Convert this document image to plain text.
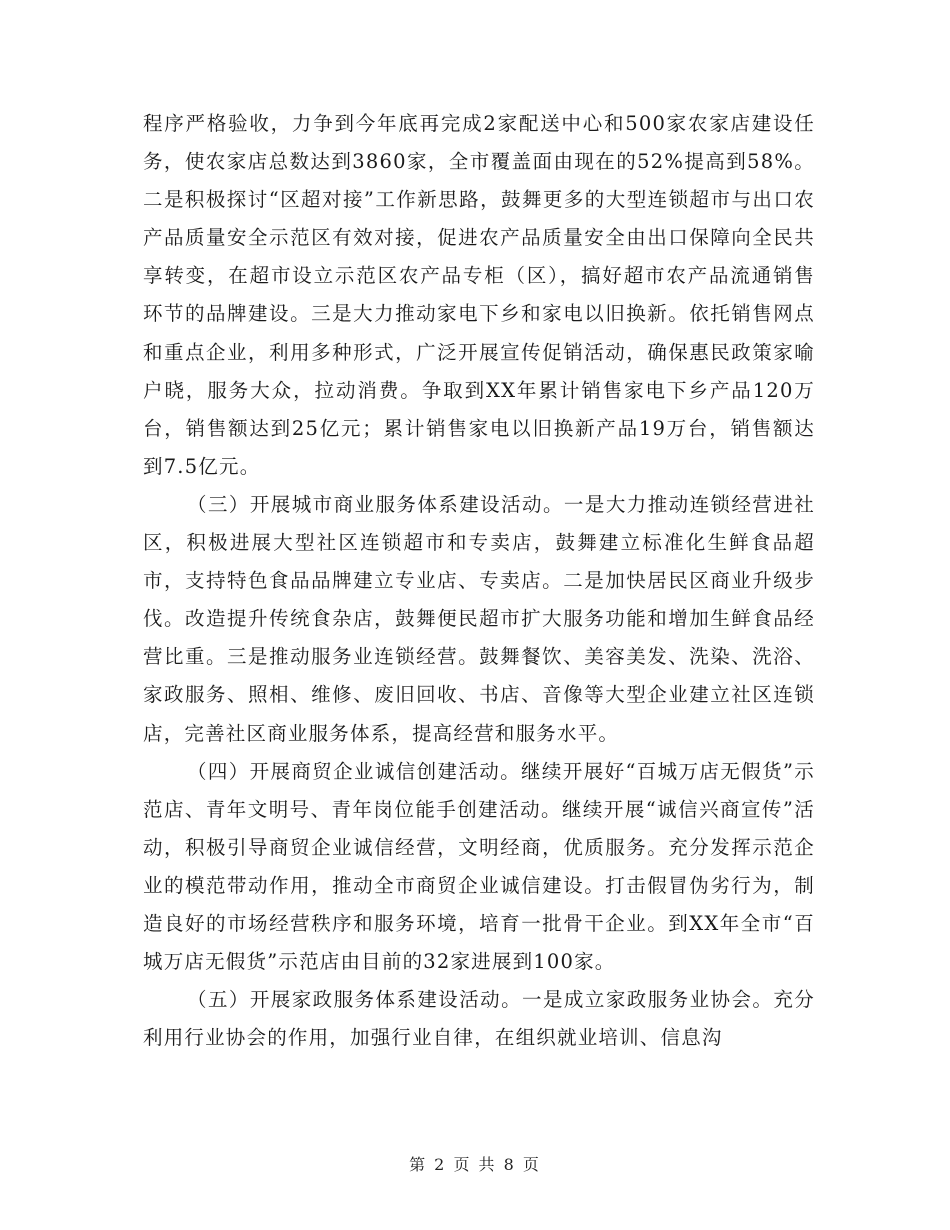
程序严格验收，力争到今年底再完成2家配送中心和500家农家店建设任务，使农家店总数达到3860家，全市覆盖面由现在的52%提高到58%。二是积极探讨“区超对接”工作新思路，鼓舞更多的大型连锁超市与出口农产品质量安全示范区有效对接，促进农产品质量安全由出口保障向全民共享转变，在超市设立示范区农产品专柜（区），搞好超市农产品流通销售环节的品牌建设。三是大力推动家电下乡和家电以旧换新。依托销售网点和重点企业，利用多种形式，广泛开展宣传促销活动，确保惠民政策家喻户晓，服务大众，拉动消费。争取到XX年累计销售家电下乡产品120万台，销售额达到25亿元；累计销售家电以旧换新产品19万台，销售额达到7.5亿元。

（三）开展城市商业服务体系建设活动。一是大力推动连锁经营进社区，积极进展大型社区连锁超市和专卖店，鼓舞建立标准化生鲜食品超市，支持特色食品品牌建立专业店、专卖店。二是加快居民区商业升级步伐。改造提升传统食杂店，鼓舞便民超市扩大服务功能和增加生鲜食品经营比重。三是推动服务业连锁经营。鼓舞餐饮、美容美发、洗染、洗浴、家政服务、照相、维修、废旧回收、书店、音像等大型企业建立社区连锁店，完善社区商业服务体系，提高经营和服务水平。

（四）开展商贸企业诚信创建活动。继续开展好“百城万店无假货”示范店、青年文明号、青年岗位能手创建活动。继续开展“诚信兴商宣传”活动，积极引导商贸企业诚信经营，文明经商，优质服务。充分发挥示范企业的模范带动作用，推动全市商贸企业诚信建设。打击假冒伪劣行为，制造良好的市场经营秩序和服务环境，培育一批骨干企业。到XX年全市“百城万店无假货”示范店由目前的32家进展到100家。

（五）开展家政服务体系建设活动。一是成立家政服务业协会。充分利用行业协会的作用，加强行业自律，在组织就业培训、信息沟

第 2 页 共 8 页
